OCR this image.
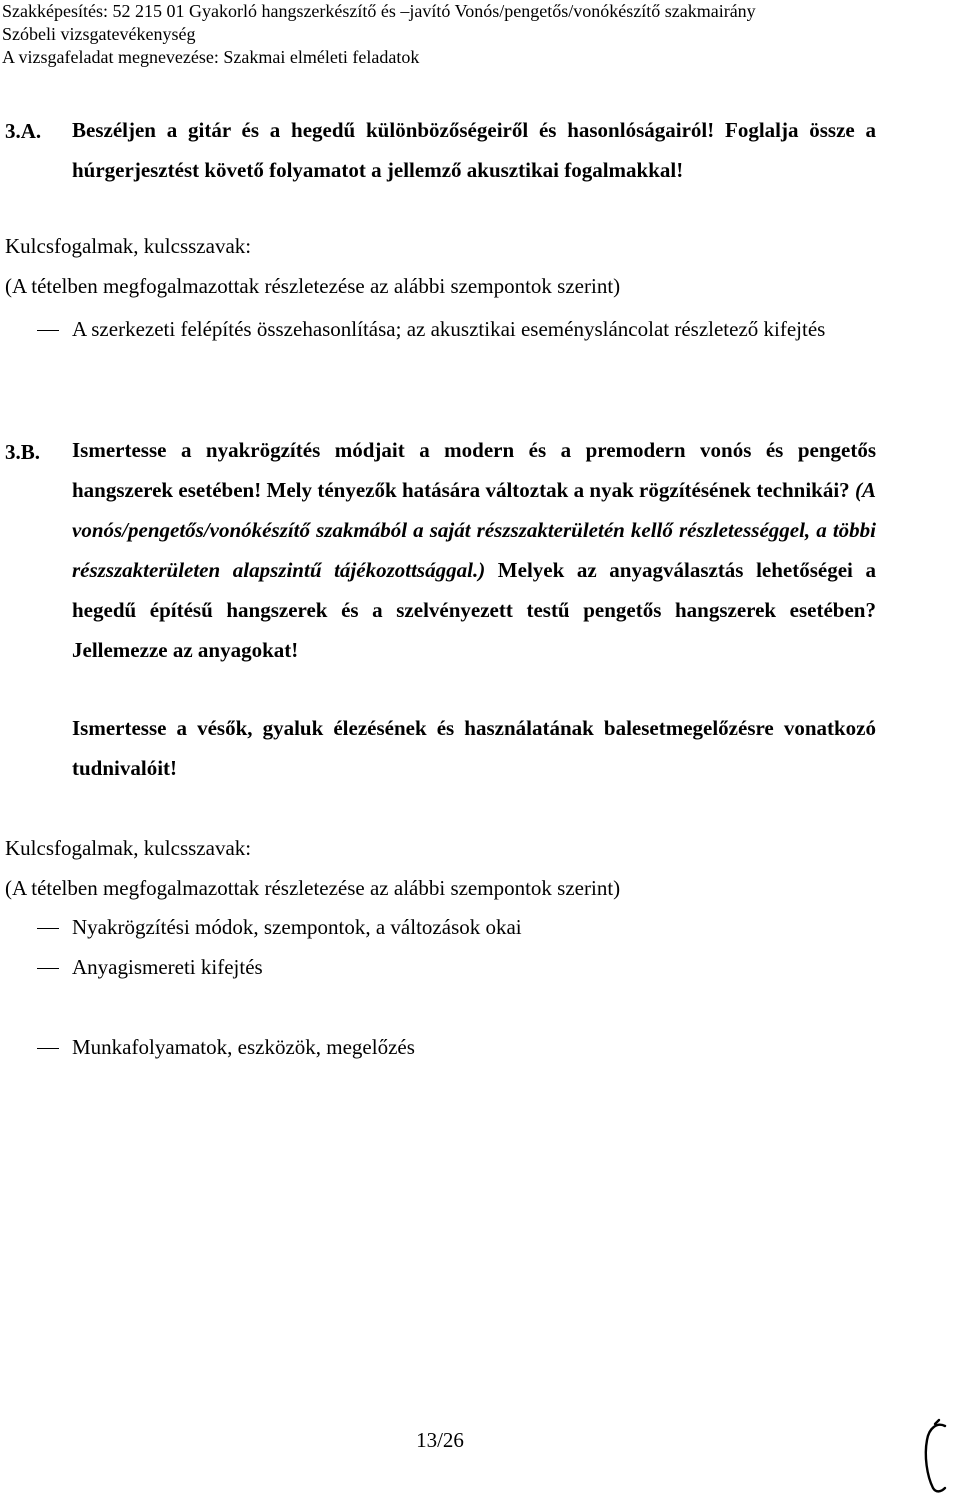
Szakképesítés: 52 215 01 Gyakorló hangszerkészítő és –javító Vonós/pengetős/vonókészítő szakmairány
Szóbeli vizsgatevékenység
A vizsgafeladat megnevezése: Szakmai elméleti feladatok
3.A. Beszéljen a gitár és a hegedű különbözőségeiről és hasonlóságairól! Foglalja össze a húrgerjesztést követő folyamatot a jellemző akusztikai fogalmakkal!
Kulcsfogalmak, kulcsszavak:
(A tételben megfogalmazottak részletezése az alábbi szempontok szerint)
A szerkezeti felépítés összehasonlítása; az akusztikai eseménysláncolat részletező kifejtés
3.B. Ismertesse a nyakrögzítés módjait a modern és a premodern vonós és pengetős hangszerek esetében! Mely tényezők hatására változtak a nyak rögzítésének technikái? (A vonós/pengetős/vonókészítő szakmából a saját részszakterületén kellő részletességgel, a többi részszakterületen alapszintű tájékozottsággal.) Melyek az anyagválasztás lehetőségei a hegedű építésű hangszerek és a szelvényezett testű pengetős hangszerek esetében? Jellemezze az anyagokat!
Ismertesse a vésők, gyaluk élezésének és használatának balesetmegelőzésre vonatkozó tudnivalóit!
Kulcsfogalmak, kulcsszavak:
(A tételben megfogalmazottak részletezése az alábbi szempontok szerint)
Nyakrögzítési módok, szempontok, a változások okai
Anyagismereti kifejtés
Munkafolyamatok, eszközök, megelőzés
13/26
